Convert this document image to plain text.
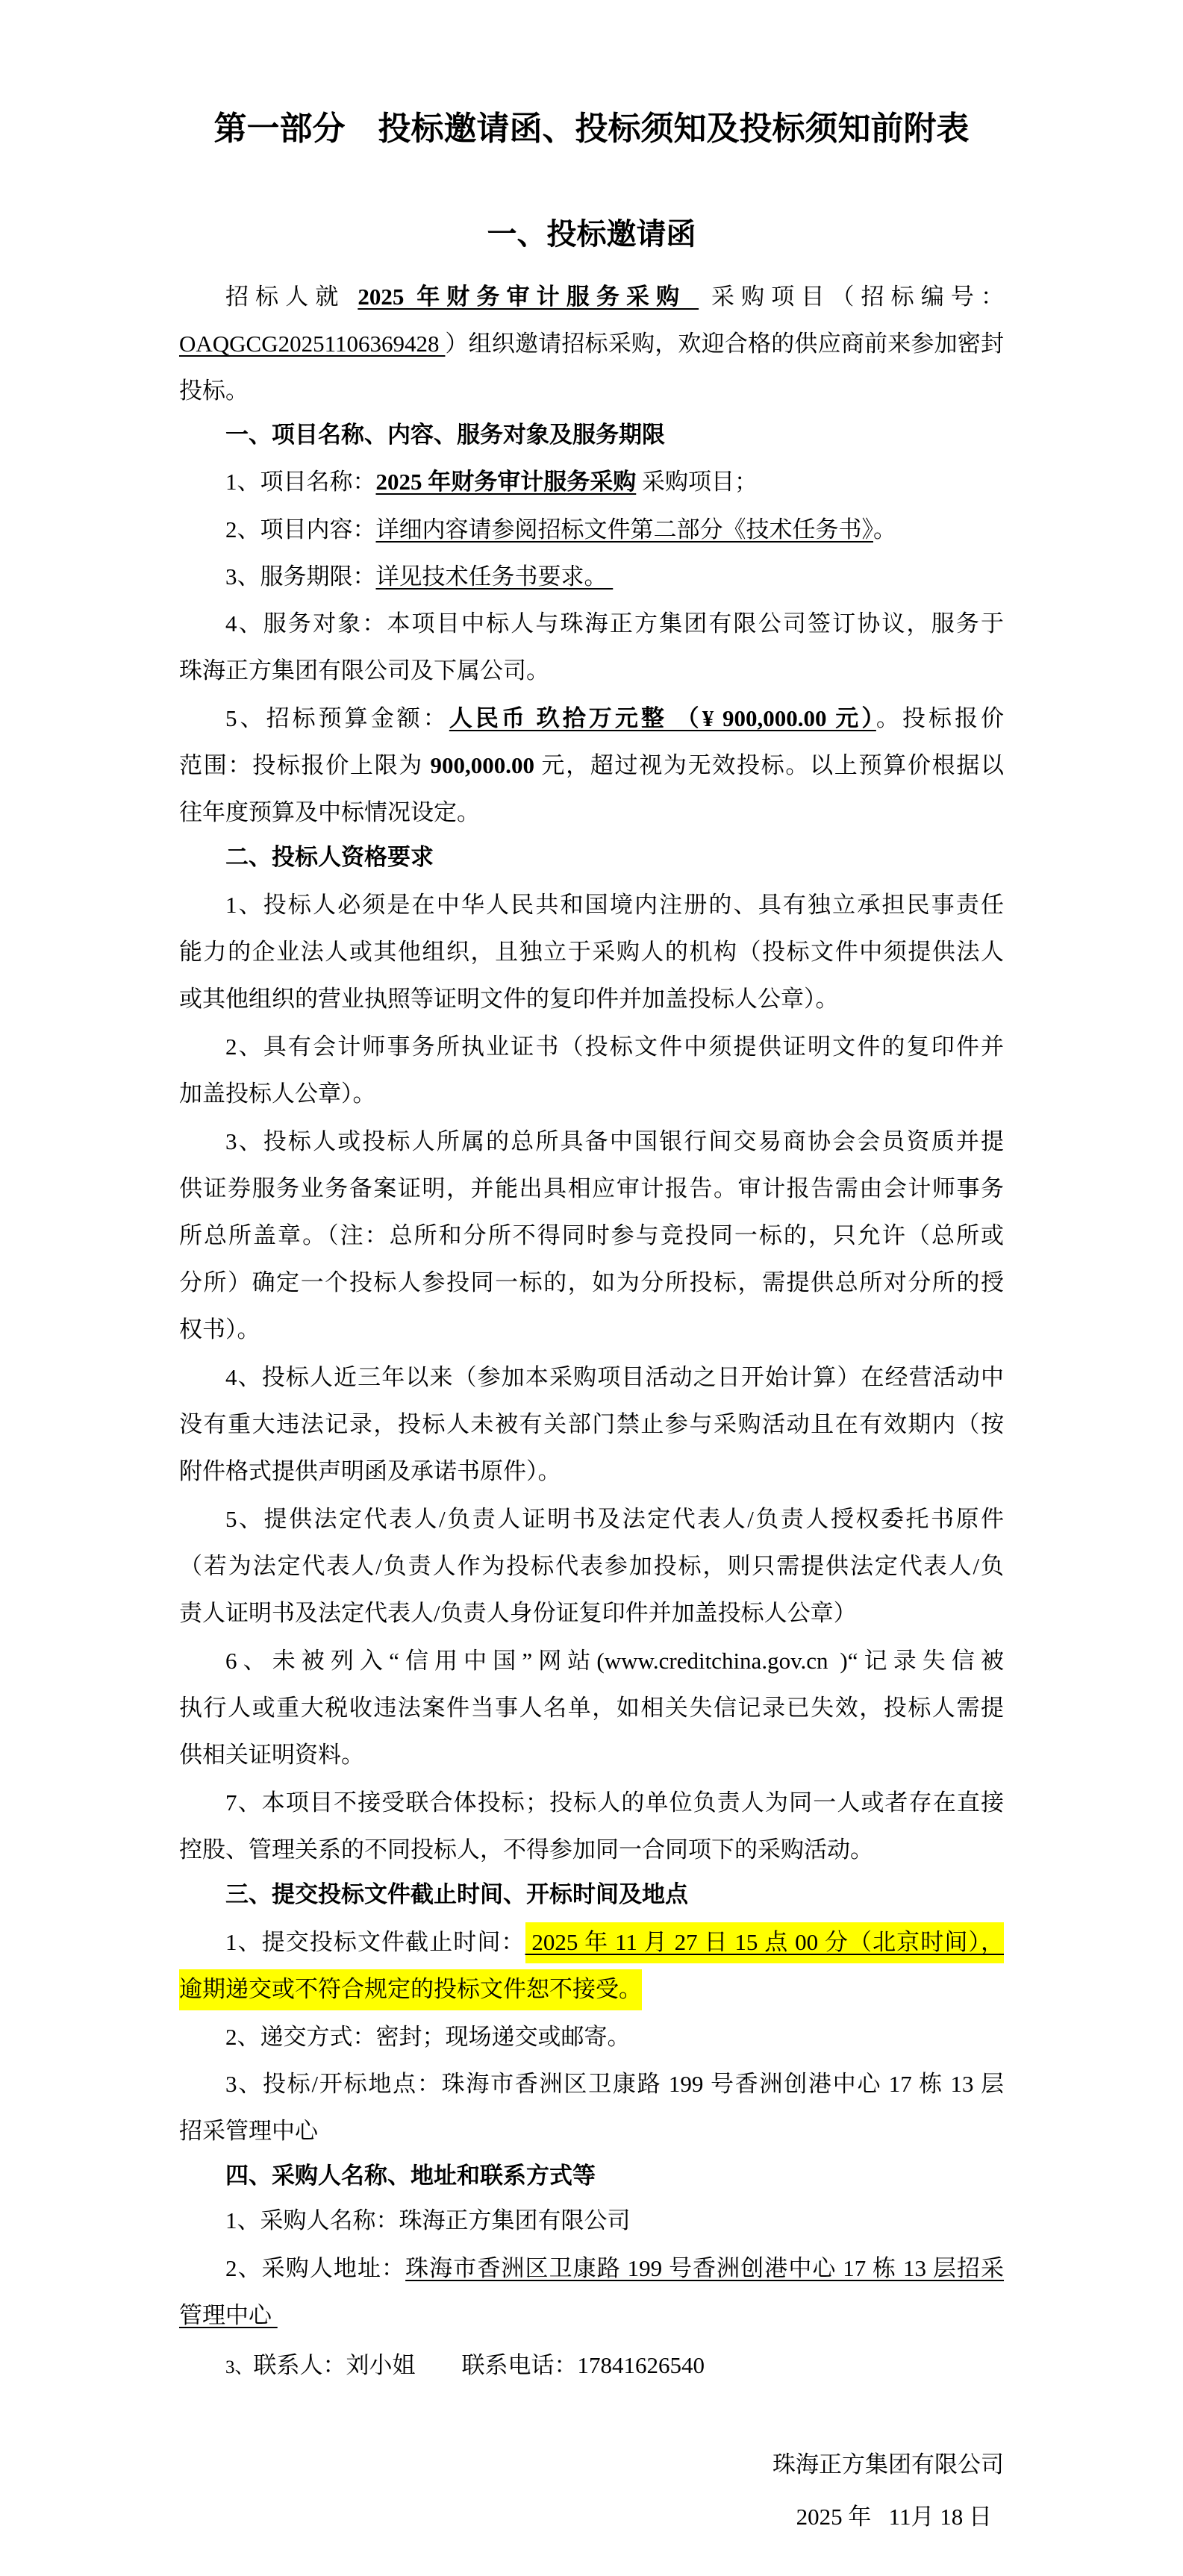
第一部分　投标邀请函、投标须知及投标须知前附表
一、投标邀请函
招标人就 2025 年财务审计服务采购  采购项目（招标编号：
OAQGCG20251106369428 ）组织邀请招标采购，欢迎合格的供应商前来参加密封
投标。
一、项目名称、内容、服务对象及服务期限
1、项目名称：2025 年财务审计服务采购 采购项目；
2、项目内容：详细内容请参阅招标文件第二部分《技术任务书》。
3、服务期限：详见技术任务书要求。
4、服务对象：本项目中标人与珠海正方集团有限公司签订协议，服务于
珠海正方集团有限公司及下属公司。
5、招标预算金额：人民币 玖拾万元整 （¥ 900,000.00 元）。投标报价
范围：投标报价上限为 900,000.00 元，超过视为无效投标。以上预算价根据以
往年度预算及中标情况设定。
二、投标人资格要求
1、投标人必须是在中华人民共和国境内注册的、具有独立承担民事责任
能力的企业法人或其他组织，且独立于采购人的机构（投标文件中须提供法人
或其他组织的营业执照等证明文件的复印件并加盖投标人公章）。
2、具有会计师事务所执业证书（投标文件中须提供证明文件的复印件并
加盖投标人公章）。
3、投标人或投标人所属的总所具备中国银行间交易商协会会员资质并提
供证券服务业务备案证明，并能出具相应审计报告。审计报告需由会计师事务
所总所盖章。（注：总所和分所不得同时参与竞投同一标的，只允许（总所或
分所）确定一个投标人参投同一标的，如为分所投标，需提供总所对分所的授
权书）。
4、投标人近三年以来（参加本采购项目活动之日开始计算）在经营活动中
没有重大违法记录，投标人未被有关部门禁止参与采购活动且在有效期内（按
附件格式提供声明函及承诺书原件）。
5、提供法定代表人/负责人证明书及法定代表人/负责人授权委托书原件
（若为法定代表人/负责人作为投标代表参加投标，则只需提供法定代表人/负
责人证明书及法定代表人/负责人身份证复印件并加盖投标人公章）
6、未被列入“信用中国”网站(www.creditchina.gov.cn )“记录失信被
执行人或重大税收违法案件当事人名单，如相关失信记录已失效，投标人需提
供相关证明资料。
7、本项目不接受联合体投标；投标人的单位负责人为同一人或者存在直接
控股、管理关系的不同投标人，不得参加同一合同项下的采购活动。
三、提交投标文件截止时间、开标时间及地点
1、提交投标文件截止时间： 2025 年 11 月 27 日 15 点 00 分（北京时间），
逾期递交或不符合规定的投标文件恕不接受。
2、递交方式：密封；现场递交或邮寄。
3、投标/开标地点：珠海市香洲区卫康路 199 号香洲创港中心 17 栋 13 层
招采管理中心
四、采购人名称、地址和联系方式等
1、采购人名称：珠海正方集团有限公司
2、采购人地址：珠海市香洲区卫康路 199 号香洲创港中心 17 栋 13 层招采
管理中心
3、联系人：刘小姐        联系电话：17841626540
珠海正方集团有限公司
2025 年   11月 18 日
